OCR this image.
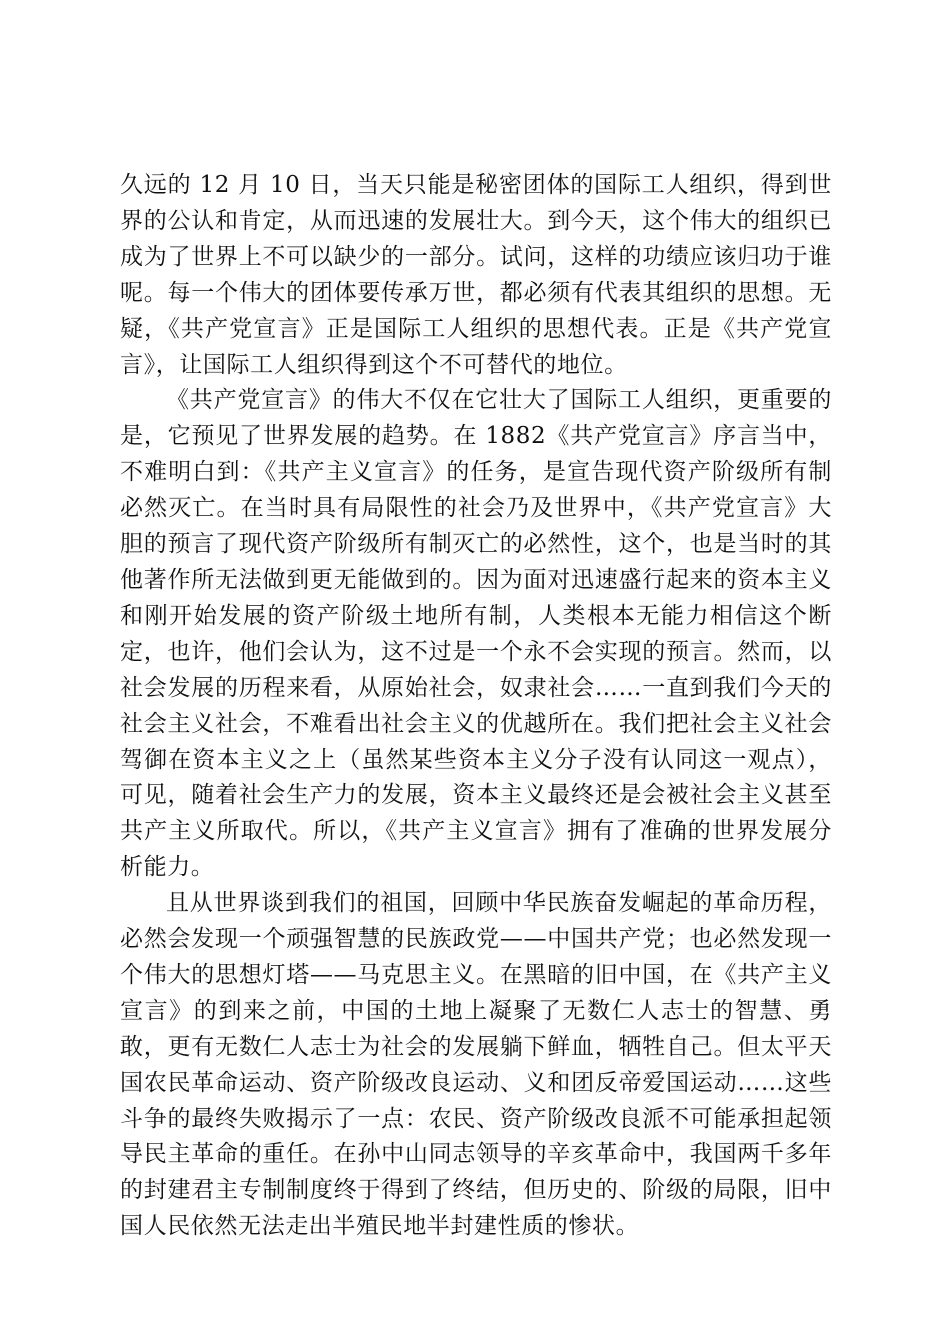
久远的 12 月 10 日，当天只能是秘密团体的国际工人组织，得到世界的公认和肯定，从而迅速的发展壮大。到今天，这个伟大的组织已成为了世界上不可以缺少的一部分。试问，这样的功绩应该归功于谁呢。每一个伟大的团体要传承万世，都必须有代表其组织的思想。无疑，《共产党宣言》正是国际工人组织的思想代表。正是《共产党宣言》，让国际工人组织得到这个不可替代的地位。

《共产党宣言》的伟大不仅在它壮大了国际工人组织，更重要的是，它预见了世界发展的趋势。在 1882《共产党宣言》序言当中，不难明白到：《共产主义宣言》的任务，是宣告现代资产阶级所有制必然灭亡。在当时具有局限性的社会乃及世界中，《共产党宣言》大胆的预言了现代资产阶级所有制灭亡的必然性，这个，也是当时的其他著作所无法做到更无能做到的。因为面对迅速盛行起来的资本主义和刚开始发展的资产阶级土地所有制，人类根本无能力相信这个断定，也许，他们会认为，这不过是一个永不会实现的预言。然而，以社会发展的历程来看，从原始社会，奴隶社会……一直到我们今天的社会主义社会，不难看出社会主义的优越所在。我们把社会主义社会驾御在资本主义之上（虽然某些资本主义分子没有认同这一观点），可见，随着社会生产力的发展，资本主义最终还是会被社会主义甚至共产主义所取代。所以，《共产主义宣言》拥有了准确的世界发展分析能力。

且从世界谈到我们的祖国，回顾中华民族奋发崛起的革命历程，必然会发现一个顽强智慧的民族政党——中国共产党；也必然发现一个伟大的思想灯塔——马克思主义。在黑暗的旧中国，在《共产主义宣言》的到来之前，中国的土地上凝聚了无数仁人志士的智慧、勇敢，更有无数仁人志士为社会的发展躺下鲜血，牺牲自己。但太平天国农民革命运动、资产阶级改良运动、义和团反帝爱国运动……这些斗争的最终失败揭示了一点：农民、资产阶级改良派不可能承担起领导民主革命的重任。在孙中山同志领导的辛亥革命中，我国两千多年的封建君主专制制度终于得到了终结，但历史的、阶级的局限，旧中国人民依然无法走出半殖民地半封建性质的惨状。
